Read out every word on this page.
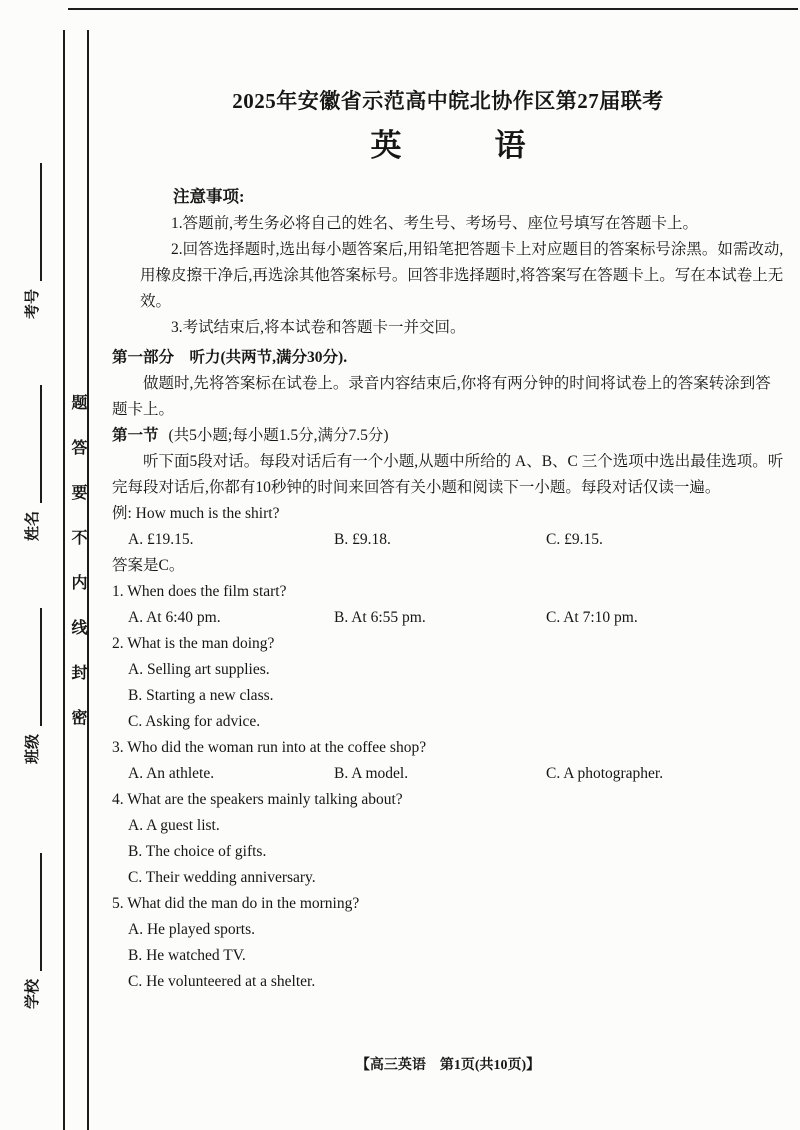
题答要不内线封密
考号
姓名
班级
学校
2025年安徽省示范高中皖北协作区第27届联考
英　　　语

注意事项:

1.答题前,考生务必将自己的姓名、考生号、考场号、座位号填写在答题卡上。

2.回答选择题时,选出每小题答案后,用铅笔把答题卡上对应题目的答案标号涂黑。如需改动,用橡皮擦干净后,再选涂其他答案标号。回答非选择题时,将答案写在答题卡上。写在本试卷上无效。

3.考试结束后,将本试卷和答题卡一并交回。

第一部分　听力(共两节,满分30分).

做题时,先将答案标在试卷上。录音内容结束后,你将有两分钟的时间将试卷上的答案转涂到答题卡上。

第一节 (共5小题;每小题1.5分,满分7.5分)

听下面5段对话。每段对话后有一个小题,从题中所给的 A、B、C 三个选项中选出最佳选项。听完每段对话后,你都有10秒钟的时间来回答有关小题和阅读下一小题。每段对话仅读一遍。

例: How much is the shirt?

A. £19.15.	B. £9.18.	C. £9.15.

答案是C。

1. When does the film start?

A. At 6:40 pm.	B. At 6:55 pm.	C. At 7:10 pm.

2. What is the man doing?

A. Selling art supplies.

B. Starting a new class.

C. Asking for advice.

3. Who did the woman run into at the coffee shop?

A. An athlete.	B. A model.	C. A photographer.

4. What are the speakers mainly talking about?

A. A guest list.

B. The choice of gifts.

C. Their wedding anniversary.

5. What did the man do in the morning?

A. He played sports.

B. He watched TV.

C. He volunteered at a shelter.

【高三英语　第1页(共10页)】
